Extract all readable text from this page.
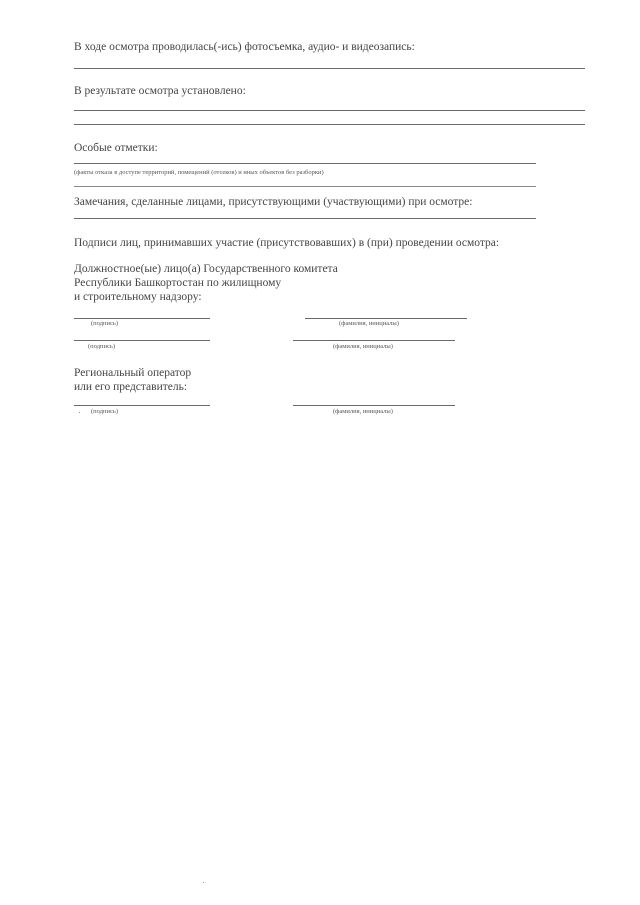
В ходе осмотра проводилась(-ись) фотосъемка, аудио- и видеозапись:
В результате осмотра установлено:
Особые отметки:
(факты отказа в доступе территорий, помещений (отсеков) и иных объектов без разборки)
Замечания, сделанные лицами, присутствующими (участвующими) при осмотре:
Подписи лиц, принимавших участие (присутствовавших) в (при) проведении осмотра:
Должностное(ые) лицо(а) Государственного комитета
Республики Башкортостан по жилищному
и строительному надзору:
(подпись)	(фамилия, инициалы)
(подпись)	(фамилия, инициалы)
Региональный оператор
или его представитель:
(подпись)	(фамилия, инициалы)
